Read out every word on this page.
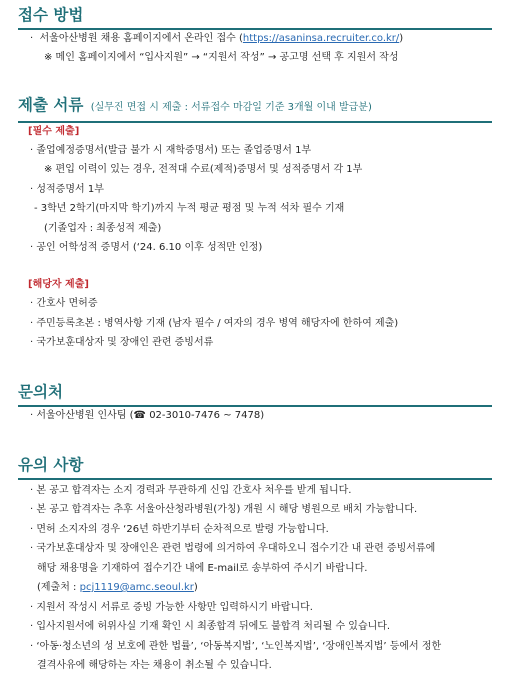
접수 방법
·  서울아산병원 채용 홈페이지에서 온라인 접수 (https://asaninsa.recruiter.co.kr/)
※ 메인 홈페이지에서 “입사지원” → “지원서 작성” → 공고명 선택 후 지원서 작성
제출 서류 (실무진 면접 시 제출 : 서류접수 마감일 기준 3개월 이내 발급분)
[필수 제출]
· 졸업예정증명서(발급 불가 시 재학증명서) 또는 졸업증명서 1부
※ 편입 이력이 있는 경우, 전적대 수료(제적)증명서 및 성적증명서 각 1부
· 성적증명서 1부
- 3학년 2학기(마지막 학기)까지 누적 평균 평점 및 누적 석차 필수 기재
(기졸업자 : 최종성적 제출)
· 공인 어학성적 증명서 (‘24. 6.10 이후 성적만 인정)
[해당자 제출]
· 간호사 면허증
· 주민등록초본 : 병역사항 기재 (남자 필수 / 여자의 경우 병역 해당자에 한하여 제출)
· 국가보훈대상자 및 장애인 관련 증빙서류
문의처
· 서울아산병원 인사팀 (☎ 02-3010-7476 ~ 7478)
유의 사항
· 본 공고 합격자는 소지 경력과 무관하게 신입 간호사 처우를 받게 됩니다.
· 본 공고 합격자는 추후 서울아산청라병원(가칭) 개원 시 해당 병원으로 배치 가능합니다.
· 면허 소지자의 경우 ‘26년 하반기부터 순차적으로 발령 가능합니다.
· 국가보훈대상자 및 장애인은 관련 법령에 의거하여 우대하오니 접수기간 내 관련 증빙서류에
해당 채용명을 기재하여 접수기간 내에 E-mail로 송부하여 주시기 바랍니다.
(제출처 : pcj1119@amc.seoul.kr)
· 지원서 작성시 서류로 증빙 가능한 사항만 입력하시기 바랍니다.
· 입사지원서에 허위사실 기재 확인 시 최종합격 뒤에도 불합격 처리될 수 있습니다.
· ‘아동·청소년의 성 보호에 관한 법률’, ‘아동복지법’, ‘노인복지법’, ‘장애인복지법’ 등에서 정한
결격사유에 해당하는 자는 채용이 취소될 수 있습니다.
